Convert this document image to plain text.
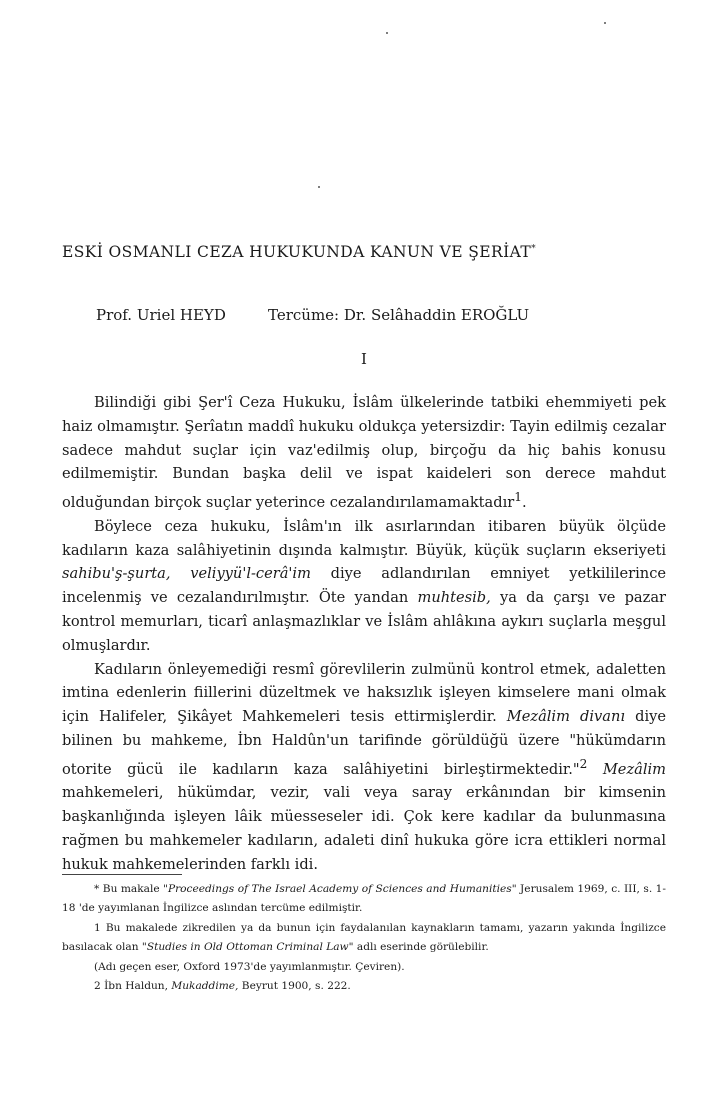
ESKİ OSMANLI CEZA HUKUKUNDA KANUN VE ŞERİAT*
Prof. Uriel HEYD	Tercüme: Dr. Selâhaddin EROĞLU
I

Bilindiği gibi Şer'î Ceza Hukuku, İslâm ülkelerinde tatbiki ehemmiyeti pek haiz olmamıştır. Şerîatın maddî hukuku oldukça yetersizdir: Tayin edilmiş cezalar sadece mahdut suçlar için vaz'edilmiş olup, birçoğu da hiç bahis konusu edilmemiştir. Bundan başka delil ve ispat kaideleri son derece mahdut olduğundan birçok suçlar yeterince cezalandırılamamaktadır$^1$.

Böylece ceza hukuku, İslâm'ın ilk asırlarından itibaren büyük ölçüde kadıların kaza salâhiyetinin dışında kalmıştır. Büyük, küçük suçların ekseriyeti sahibu'ş-şurta, veliyyü'l-cerâ'im diye adlandırılan emniyet yetkililerince incelenmiş ve cezalandırılmıştır. Öte yandan muhtesib, ya da çarşı ve pazar kontrol memurları, ticarî anlaşmazlıklar ve İslâm ahlâkına aykırı suçlarla meşgul olmuşlardır.

Kadıların önleyemediği resmî görevlilerin zulmünü kontrol etmek, adaletten imtina edenlerin fiillerini düzeltmek ve haksızlık işleyen kimselere mani olmak için Halifeler, Şikâyet Mahkemeleri tesis ettirmişlerdir. Mezâlim divanı diye bilinen bu mahkeme, İbn Haldûn'un tarifinde görüldüğü üzere "hükümdarın otorite gücü ile kadıların kaza salâhiyetini birleştirmektedir."$^2$ Mezâlim mahkemeleri, hükümdar, vezir, vali veya saray erkânından bir kimsenin başkanlığında işleyen lâik müesseseler idi. Çok kere kadılar da bulunmasına rağmen bu mahkemeler kadıların, adaleti dinî hukuka göre icra ettikleri normal hukuk mahkemelerinden farklı idi.

* Bu makale "Proceedings of The Israel Academy of Sciences and Humanities" Jerusalem 1969, c. III, s. 1-18 'de yayımlanan İngilizce aslından tercüme edilmiştir.

1 Bu makalede zikredilen ya da bunun için faydalanılan kaynakların tamamı, yazarın yakında İngilizce basılacak olan "Studies in Old Ottoman Criminal Law" adlı eserinde görülebilir.

(Adı geçen eser, Oxford 1973'de yayımlanmıştır. Çeviren).

2 İbn Haldun, Mukaddime, Beyrut 1900, s. 222.
